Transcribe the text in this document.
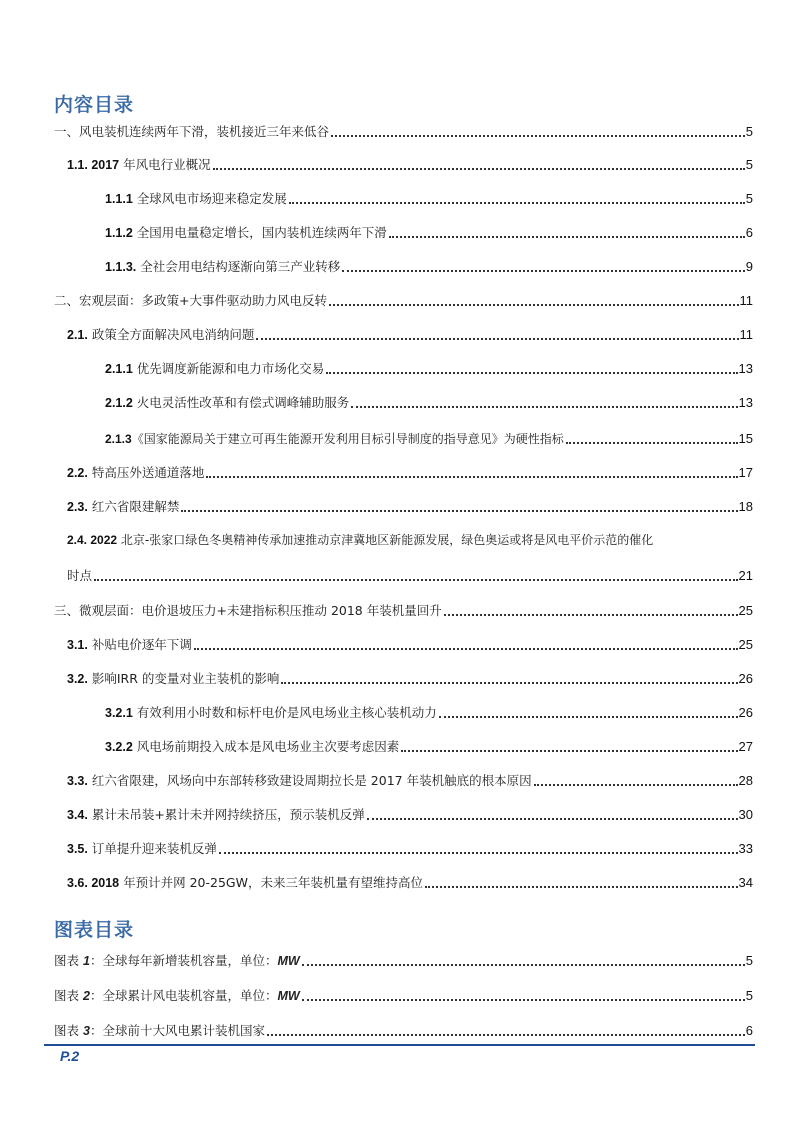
内容目录
一、风电装机连续两年下滑，装机接近三年来低谷	5
1.1. 2017 年风电行业概况	5
1.1.1 全球风电市场迎来稳定发展	5
1.1.2 全国用电量稳定增长，国内装机连续两年下滑	6
1.1.3. 全社会用电结构逐渐向第三产业转移	9
二、宏观层面：多政策+大事件驱动助力风电反转	11
2.1. 政策全方面解决风电消纳问题	11
2.1.1 优先调度新能源和电力市场化交易	13
2.1.2 火电灵活性改革和有偿式调峰辅助服务	13
2.1.3《国家能源局关于建立可再生能源开发利用目标引导制度的指导意见》为硬性指标	15
2.2. 特高压外送通道落地	17
2.3. 红六省限建解禁	18
2.4. 2022 北京-张家口绿色冬奥精神传承加速推动京津冀地区新能源发展，绿色奥运或将是风电平价示范的催化
时点	21
三、微观层面：电价退坡压力+未建指标积压推动 2018 年装机量回升	25
3.1. 补贴电价逐年下调	25
3.2. 影响IRR 的变量对业主装机的影响	26
3.2.1 有效利用小时数和标杆电价是风电场业主核心装机动力	26
3.2.2 风电场前期投入成本是风电场业主次要考虑因素	27
3.3. 红六省限建，风场向中东部转移致建设周期拉长是 2017 年装机触底的根本原因	28
3.4. 累计未吊装+累计未并网持续挤压，预示装机反弹	30
3.5. 订单提升迎来装机反弹	33
3.6. 2018 年预计并网 20-25GW，未来三年装机量有望维持高位	34
图表目录
图表 1：全球每年新增装机容量，单位：MW	5
图表 2：全球累计风电装机容量，单位：MW	5
图表 3：全球前十大风电累计装机国家	6
P.2
